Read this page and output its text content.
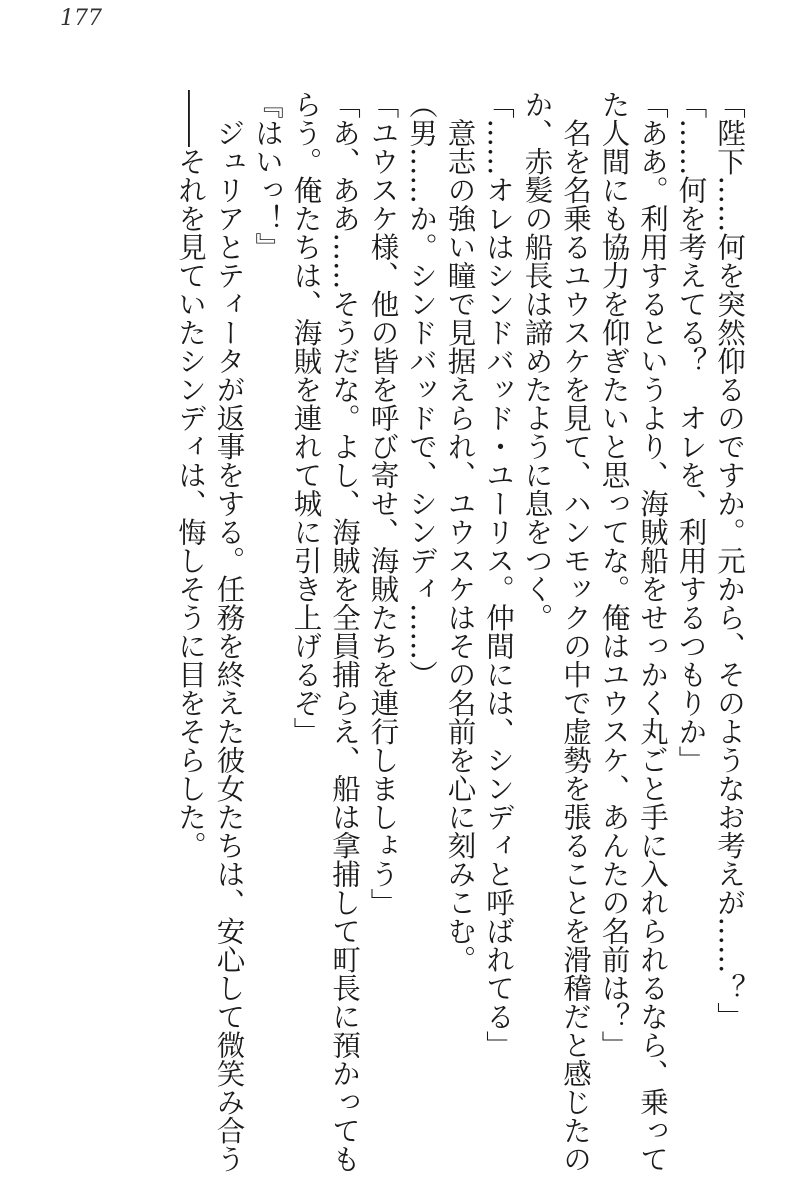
177
「陛下……何を突然仰るのですか。元から、そのようなお考えが……？」
「……何を考えてる？　オレを、利用するつもりか」
「ああ。利用するというより、海賊船をせっかく丸ごと手に入れられるなら、乗って
た人間にも協力を仰ぎたいと思ってな。俺はユウスケ、あんたの名前は？」
　名を名乗るユウスケを見て、ハンモックの中で虚勢を張ることを滑稽だと感じたの
か、赤髪の船長は諦めたように息をつく。
「……オレはシンドバッド・ユーリス。仲間には、シンディと呼ばれてる」
　意志の強い瞳で見据えられ、ユウスケはその名前を心に刻みこむ。
（男……か。シンドバッドで、シンディ……）
「ユウスケ様、他の皆を呼び寄せ、海賊たちを連行しましょう」
「あ、ああ……そうだな。よし、海賊を全員捕らえ、船は拿捕して町長に預かっても
らう。俺たちは、海賊を連れて城に引き上げるぞ」
『はいっ！』
　ジュリアとティータが返事をする。任務を終えた彼女たちは、安心して微笑み合う
――それを見ていたシンディは、悔しそうに目をそらした。
